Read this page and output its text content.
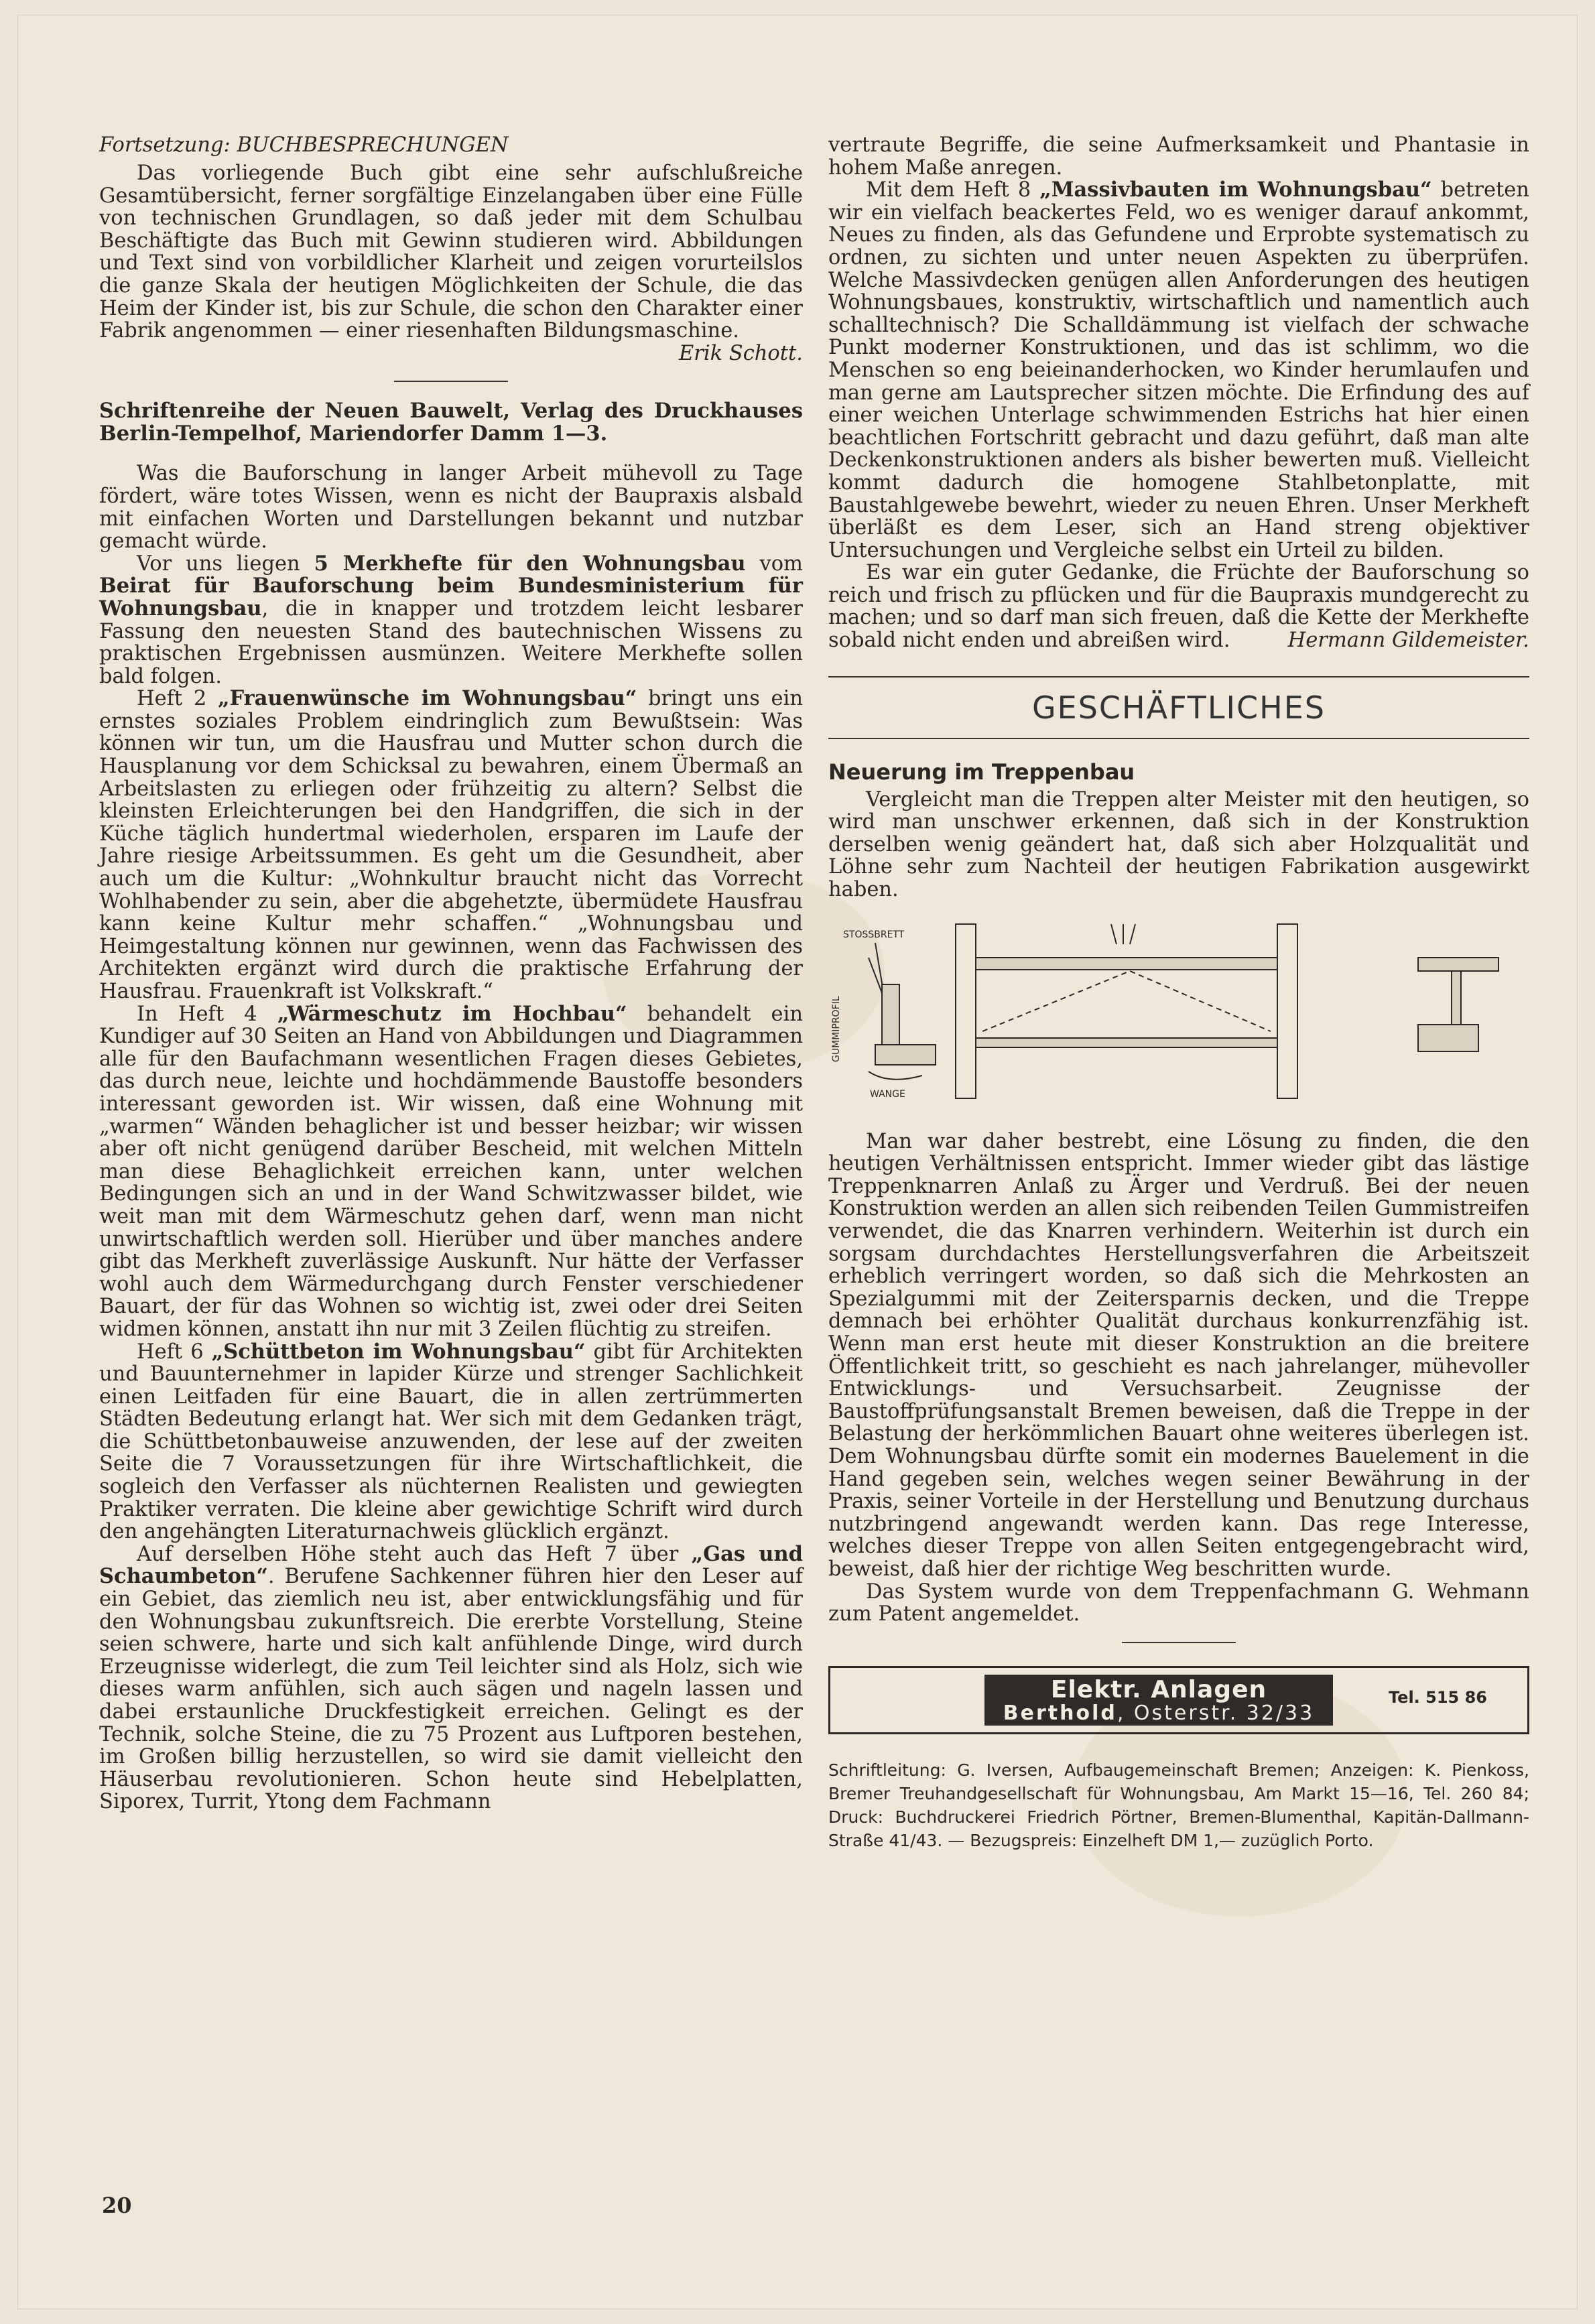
Fortsetzung: BUCHBESPRECHUNGEN

Das vorliegende Buch gibt eine sehr aufschlußreiche Gesamtübersicht, ferner sorgfältige Einzelangaben über eine Fülle von technischen Grundlagen, so daß jeder mit dem Schulbau Beschäftigte das Buch mit Gewinn studieren wird. Abbildungen und Text sind von vorbildlicher Klarheit und zeigen vorurteilslos die ganze Skala der heutigen Möglichkeiten der Schule, die das Heim der Kinder ist, bis zur Schule, die schon den Charakter einer Fabrik angenommen — einer riesenhaften Bildungsmaschine.
Erik Schott.

Schriftenreihe der Neuen Bauwelt, Verlag des Druckhauses Berlin-Tempelhof, Mariendorfer Damm 1—3.

Was die Bauforschung in langer Arbeit mühevoll zu Tage fördert, wäre totes Wissen, wenn es nicht der Baupraxis alsbald mit einfachen Worten und Darstellungen bekannt und nutzbar gemacht würde.

Vor uns liegen 5 Merkhefte für den Wohnungsbau vom Beirat für Bauforschung beim Bundesministerium für Wohnungsbau, die in knapper und trotzdem leicht lesbarer Fassung den neuesten Stand des bautechnischen Wissens zu praktischen Ergebnissen ausmünzen. Weitere Merkhefte sollen bald folgen.

Heft 2 „Frauenwünsche im Wohnungsbau“ bringt uns ein ernstes soziales Problem eindringlich zum Bewußtsein: Was können wir tun, um die Hausfrau und Mutter schon durch die Hausplanung vor dem Schicksal zu bewahren, einem Übermaß an Arbeitslasten zu erliegen oder frühzeitig zu altern? Selbst die kleinsten Erleichterungen bei den Handgriffen, die sich in der Küche täglich hundertmal wiederholen, ersparen im Laufe der Jahre riesige Arbeitssummen. Es geht um die Gesundheit, aber auch um die Kultur: „Wohnkultur braucht nicht das Vorrecht Wohlhabender zu sein, aber die abgehetzte, übermüdete Hausfrau kann keine Kultur mehr schaffen.“ „Wohnungsbau und Heimgestaltung können nur gewinnen, wenn das Fachwissen des Architekten ergänzt wird durch die praktische Erfahrung der Hausfrau. Frauenkraft ist Volkskraft.“

In Heft 4 „Wärmeschutz im Hochbau“ behandelt ein Kundiger auf 30 Seiten an Hand von Abbildungen und Diagrammen alle für den Baufachmann wesentlichen Fragen dieses Gebietes, das durch neue, leichte und hochdämmende Baustoffe besonders interessant geworden ist. Wir wissen, daß eine Wohnung mit „warmen“ Wänden behaglicher ist und besser heizbar; wir wissen aber oft nicht genügend darüber Bescheid, mit welchen Mitteln man diese Behaglichkeit erreichen kann, unter welchen Bedingungen sich an und in der Wand Schwitzwasser bildet, wie weit man mit dem Wärmeschutz gehen darf, wenn man nicht unwirtschaftlich werden soll. Hierüber und über manches andere gibt das Merkheft zuverlässige Auskunft. Nur hätte der Verfasser wohl auch dem Wärmedurchgang durch Fenster verschiedener Bauart, der für das Wohnen so wichtig ist, zwei oder drei Seiten widmen können, anstatt ihn nur mit 3 Zeilen flüchtig zu streifen.

Heft 6 „Schüttbeton im Wohnungsbau“ gibt für Architekten und Bauunternehmer in lapider Kürze und strenger Sachlichkeit einen Leitfaden für eine Bauart, die in allen zertrümmerten Städten Bedeutung erlangt hat. Wer sich mit dem Gedanken trägt, die Schüttbetonbauweise anzuwenden, der lese auf der zweiten Seite die 7 Voraussetzungen für ihre Wirtschaftlichkeit, die sogleich den Verfasser als nüchternen Realisten und gewiegten Praktiker verraten. Die kleine aber gewichtige Schrift wird durch den angehängten Literaturnachweis glücklich ergänzt.

Auf derselben Höhe steht auch das Heft 7 über „Gas und Schaumbeton“. Berufene Sachkenner führen hier den Leser auf ein Gebiet, das ziemlich neu ist, aber entwicklungsfähig und für den Wohnungsbau zukunftsreich. Die ererbte Vorstellung, Steine seien schwere, harte und sich kalt anfühlende Dinge, wird durch Erzeugnisse widerlegt, die zum Teil leichter sind als Holz, sich wie dieses warm anfühlen, sich auch sägen und nageln lassen und dabei erstaunliche Druckfestigkeit erreichen. Gelingt es der Technik, solche Steine, die zu 75 Prozent aus Luftporen bestehen, im Großen billig herzustellen, so wird sie damit vielleicht den Häuserbau revolutionieren. Schon heute sind Hebelplatten, Siporex, Turrit, Ytong dem Fachmann

vertraute Begriffe, die seine Aufmerksamkeit und Phantasie in hohem Maße anregen.

Mit dem Heft 8 „Massivbauten im Wohnungsbau“ betreten wir ein vielfach beackertes Feld, wo es weniger darauf ankommt, Neues zu finden, als das Gefundene und Erprobte systematisch zu ordnen, zu sichten und unter neuen Aspekten zu überprüfen. Welche Massivdecken genügen allen Anforderungen des heutigen Wohnungsbaues, konstruktiv, wirtschaftlich und namentlich auch schalltechnisch? Die Schalldämmung ist vielfach der schwache Punkt moderner Konstruktionen, und das ist schlimm, wo die Menschen so eng beieinanderhocken, wo Kinder herumlaufen und man gerne am Lautsprecher sitzen möchte. Die Erfindung des auf einer weichen Unterlage schwimmenden Estrichs hat hier einen beachtlichen Fortschritt gebracht und dazu geführt, daß man alte Deckenkonstruktionen anders als bisher bewerten muß. Vielleicht kommt dadurch die homogene Stahlbetonplatte, mit Baustahlgewebe bewehrt, wieder zu neuen Ehren. Unser Merkheft überläßt es dem Leser, sich an Hand streng objektiver Untersuchungen und Vergleiche selbst ein Urteil zu bilden.

Es war ein guter Gedanke, die Früchte der Bauforschung so reich und frisch zu pflücken und für die Baupraxis mundgerecht zu machen; und so darf man sich freuen, daß die Kette der Merkhefte sobald nicht enden und abreißen wird.	Hermann Gildemeister.

GESCHÄFTLICHES
Neuerung im Treppenbau

Vergleicht man die Treppen alter Meister mit den heutigen, so wird man unschwer erkennen, daß sich in der Konstruktion derselben wenig geändert hat, daß sich aber Holzqualität und Löhne sehr zum Nachteil der heutigen Fabrikation ausgewirkt haben.

STOSSBRETT
GUMMIPROFIL
WANGE

Man war daher bestrebt, eine Lösung zu finden, die den heutigen Verhältnissen entspricht. Immer wieder gibt das lästige Treppenknarren Anlaß zu Ärger und Verdruß. Bei der neuen Konstruktion werden an allen sich reibenden Teilen Gummistreifen verwendet, die das Knarren verhindern. Weiterhin ist durch ein sorgsam durchdachtes Herstellungsverfahren die Arbeitszeit erheblich verringert worden, so daß sich die Mehrkosten an Spezialgummi mit der Zeitersparnis decken, und die Treppe demnach bei erhöhter Qualität durchaus konkurrenzfähig ist. Wenn man erst heute mit dieser Konstruktion an die breitere Öffentlichkeit tritt, so geschieht es nach jahrelanger, mühevoller Entwicklungs- und Versuchsarbeit. Zeugnisse der Baustoffprüfungsanstalt Bremen beweisen, daß die Treppe in der Belastung der herkömmlichen Bauart ohne weiteres überlegen ist. Dem Wohnungsbau dürfte somit ein modernes Bauelement in die Hand gegeben sein, welches wegen seiner Bewährung in der Praxis, seiner Vorteile in der Herstellung und Benutzung durchaus nutzbringend angewandt werden kann. Das rege Interesse, welches dieser Treppe von allen Seiten entgegengebracht wird, beweist, daß hier der richtige Weg beschritten wurde.

Das System wurde von dem Treppenfachmann G. Wehmann zum Patent angemeldet.

Elektr. Anlagen
Berthold, Osterstr. 32/33
Tel. 515 86

Schriftleitung: G. Iversen, Aufbaugemeinschaft Bremen; Anzeigen: K. Pienkoss, Bremer Treuhandgesellschaft für Wohnungsbau, Am Markt 15—16, Tel. 260 84; Druck: Buchdruckerei Friedrich Pörtner, Bremen-Blumenthal, Kapitän-Dallmann-Straße 41/43. — Bezugspreis: Einzelheft DM 1,— zuzüglich Porto.

20
